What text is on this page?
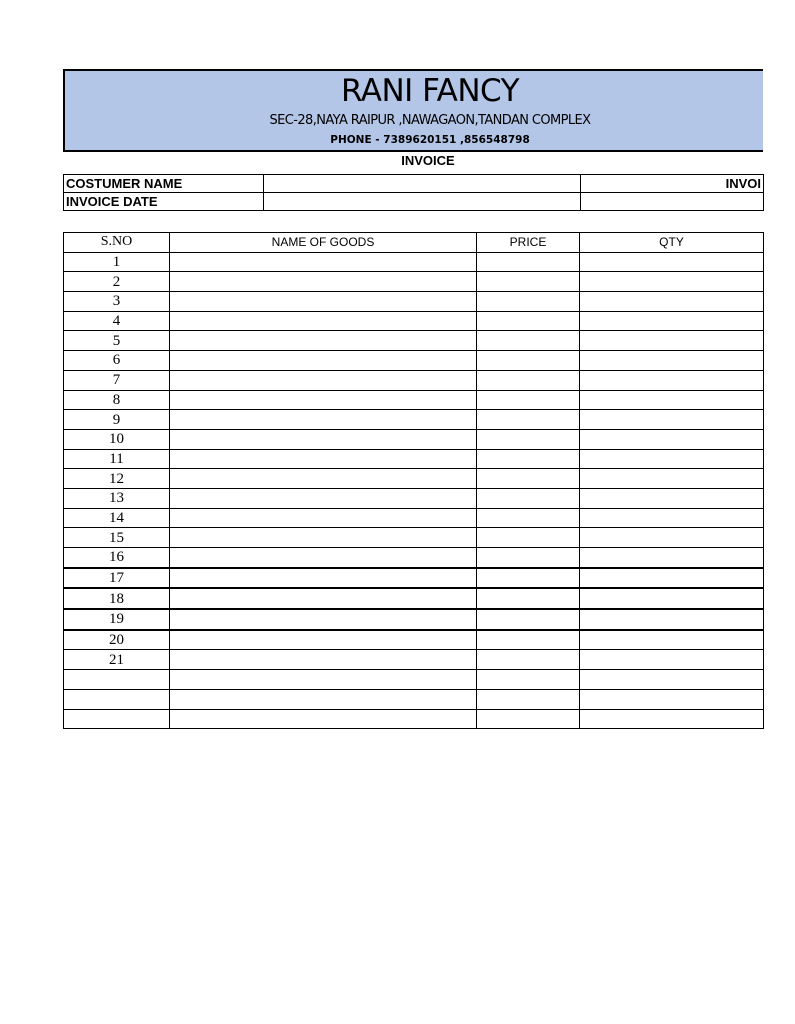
RANI FANCY
SEC-28,NAYA RAIPUR ,NAWAGAON,TANDAN COMPLEX
PHONE - 7389620151 ,856548798
INVOICE
COSTUMER NAME		INVOI
INVOICE DATE		
S.NO	NAME OF GOODS	PRICE	QTY
1			
2			
3			
4			
5			
6			
7			
8			
9			
10			
11			
12			
13			
14			
15			
16			
17			
18			
19			
20			
21			
